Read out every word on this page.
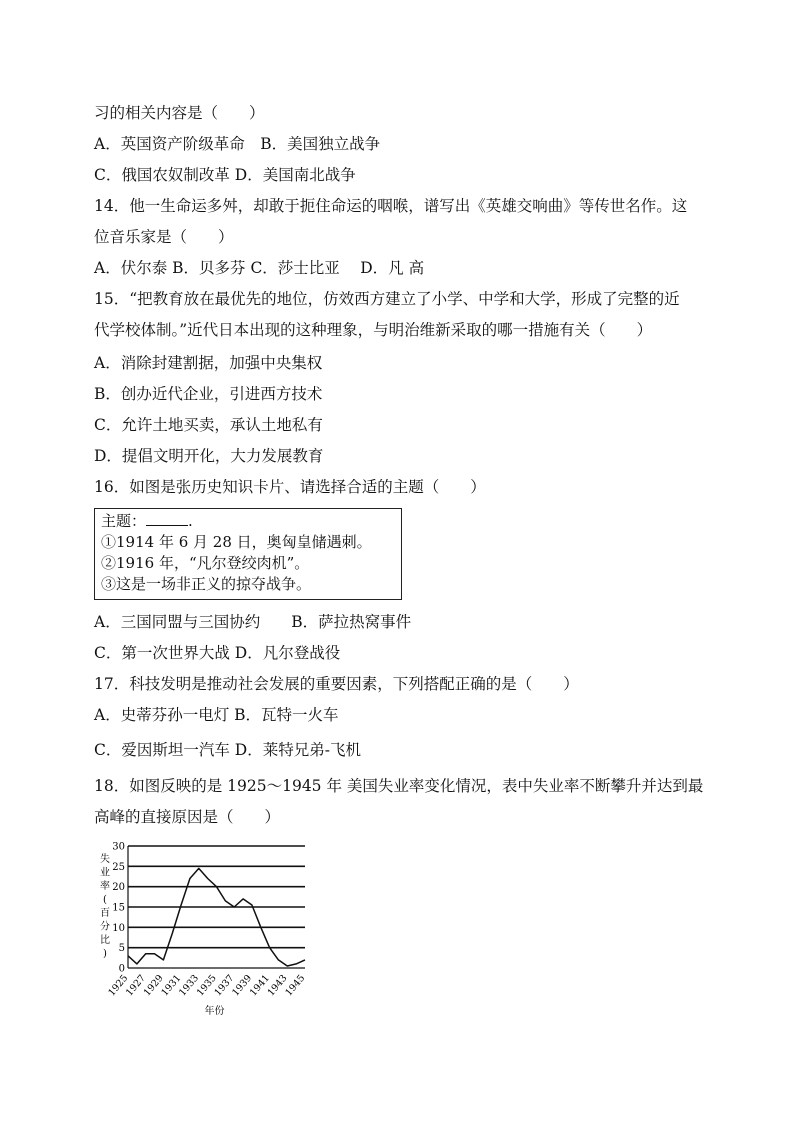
习的相关内容是（　　）
A．英国资产阶级革命　B．美国独立战争
C．俄国农奴制改革 D．美国南北战争
14．他一生命运多舛，却敢于扼住命运的咽喉，谱写出《英雄交响曲》等传世名作。这
位音乐家是（　　）
A．伏尔泰 B．贝多芬 C．莎士比亚　 D．凡 高
15．“把教育放在最优先的地位，仿效西方建立了小学、中学和大学，形成了完整的近
代学校体制。”近代日本出现的这种理象，与明治维新采取的哪一措施有关（　　）
A．消除封建割据，加强中央集权
B．创办近代企业，引进西方技术
C．允许土地买卖，承认土地私有
D．提倡文明开化，大力发展教育
16．如图是张历史知识卡片、请选择合适的主题（　　）
主题：	.
①1914 年 6 月 28 日，奥匈皇储遇刺。
②1916 年，“凡尔登绞肉机”。
③这是一场非正义的掠夺战争。
A．三国同盟与三国协约　　B．萨拉热窝事件
C．第一次世界大战 D．凡尔登战役
17．科技发明是推动社会发展的重要因素，下列搭配正确的是（　　）
A．史蒂芬孙一电灯 B．瓦特一火车
C．爱因斯坦一汽车 D．莱特兄弟-飞机
18．如图反映的是 1925～1945 年 美国失业率变化情况，表中失业率不断攀升并达到最
高峰的直接原因是（　　）
0
5
10
15
20
25
30
1925
1927
1929
1931
1933
1935
1937
1939
1941
1943
1945
失
业
率
(
百
分
比
)
年份
